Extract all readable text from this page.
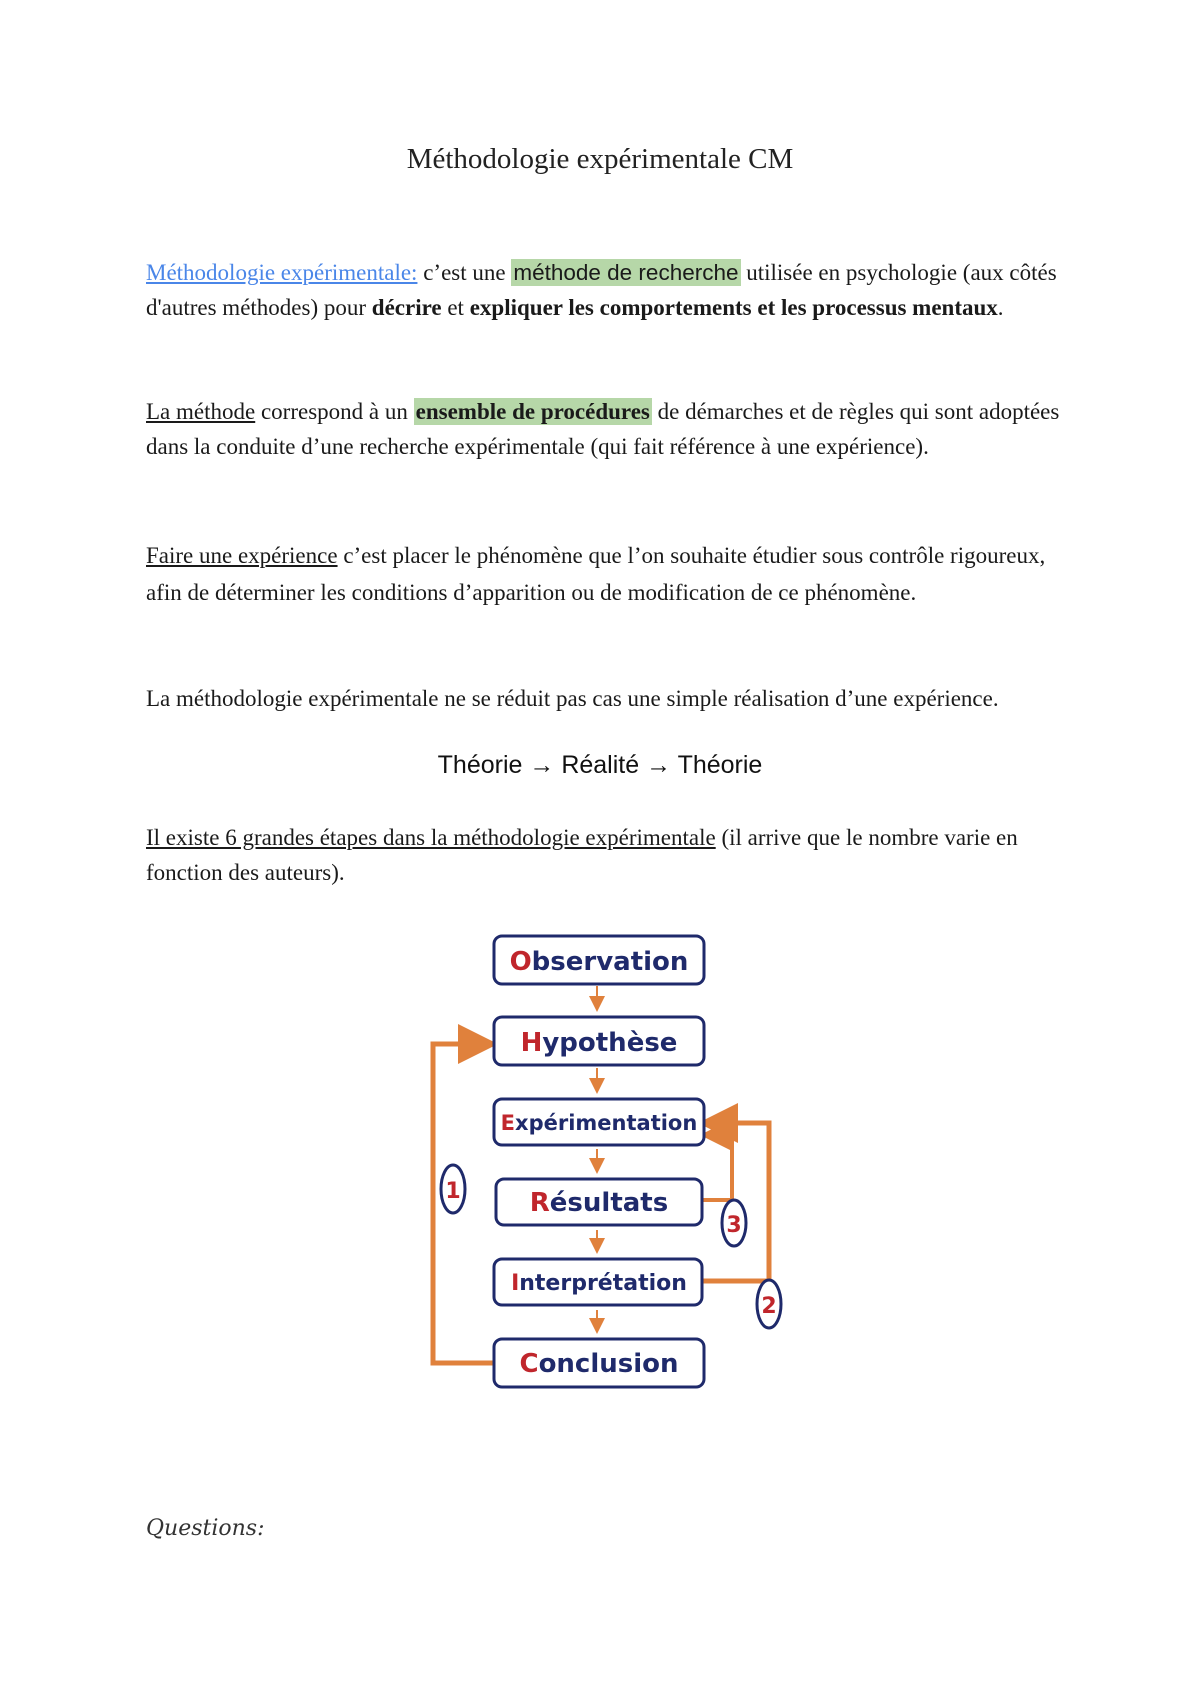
Méthodologie expérimentale CM
Méthodologie expérimentale: c’est une méthode de recherche utilisée en psychologie (aux côtés d'autres méthodes) pour décrire et expliquer les comportements et les processus mentaux.
La méthode correspond à un ensemble de procédures de démarches et de règles qui sont adoptées dans la conduite d’une recherche expérimentale (qui fait référence à une expérience).
Faire une expérience c’est placer le phénomène que l’on souhaite étudier sous contrôle rigoureux, afin de déterminer les conditions d’apparition ou de modification de ce phénomène.
La méthodologie expérimentale ne se réduit pas cas une simple réalisation d’une expérience.
Théorie → Réalité → Théorie
Il existe 6 grandes étapes dans la méthodologie expérimentale (il arrive que le nombre varie en fonction des auteurs).
Observation
Hypothèse
Expérimentation
Résultats
Interprétation
Conclusion
1
3
2
Questions:
